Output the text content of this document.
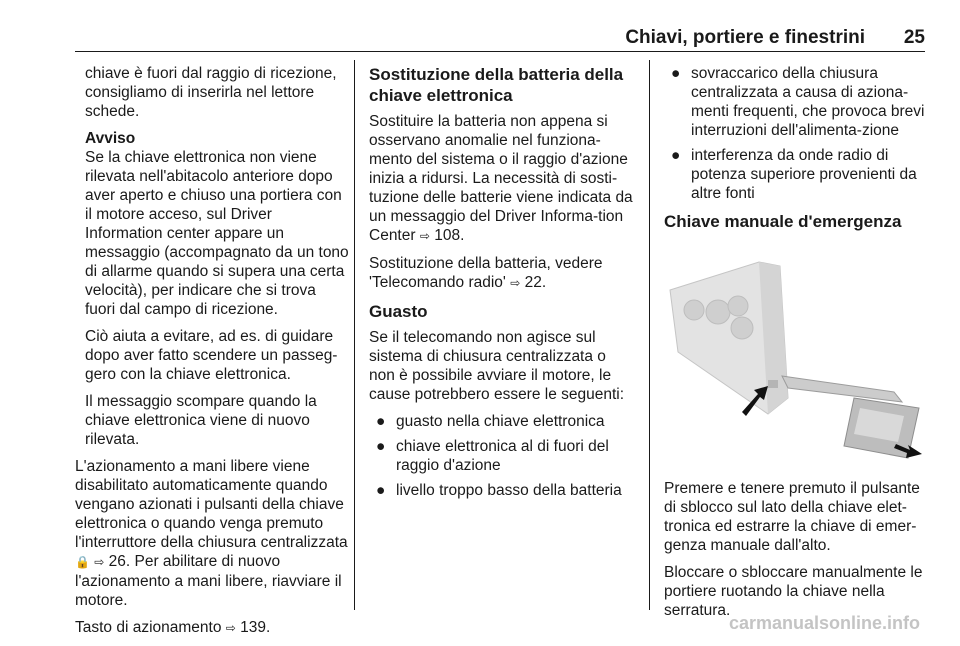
Chiavi, portiere e finestrini 25

chiave è fuori dal raggio di ricezione, consigliamo di inserirla nel lettore schede.

Avviso

Se la chiave elettronica non viene rilevata nell'abitacolo anteriore dopo aver aperto e chiuso una portiera con il motore acceso, sul Driver Information center appare un messaggio (accompagnato da un tono di allarme quando si supera una certa velocità), per indicare che si trova fuori dal campo di ricezione.

Ciò aiuta a evitare, ad es. di guidare dopo aver fatto scendere un passeg-gero con la chiave elettronica.

Il messaggio scompare quando la chiave elettronica viene di nuovo rilevata.

L'azionamento a mani libere viene disabilitato automaticamente quando vengano azionati i pulsanti della chiave elettronica o quando venga premuto l'interruttore della chiusura centralizzata 🔒 ⇨ 26. Per abilitare di nuovo l'azionamento a mani libere, riavviare il motore.

Tasto di azionamento ⇨ 139.

Sostituzione della batteria della chiave elettronica

Sostituire la batteria non appena si osservano anomalie nel funziona-mento del sistema o il raggio d'azione inizia a ridursi. La necessità di sosti-tuzione delle batterie viene indicata da un messaggio del Driver Informa-tion Center ⇨ 108.

Sostituzione della batteria, vedere 'Telecomando radio' ⇨ 22.

Guasto

Se il telecomando non agisce sul sistema di chiusura centralizzata o non è possibile avviare il motore, le cause potrebbero essere le seguenti:

● guasto nella chiave elettronica
● chiave elettronica al di fuori del raggio d'azione
● livello troppo basso della batteria
● sovraccarico della chiusura centralizzata a causa di aziona-menti frequenti, che provoca brevi interruzioni dell'alimenta-zione
● interferenza da onde radio di potenza superiore provenienti da altre fonti
Chiave manuale d'emergenza

Premere e tenere premuto il pulsante di sblocco sul lato della chiave elet-tronica ed estrarre la chiave di emer-genza manuale dall'alto.

Bloccare o sbloccare manualmente le portiere ruotando la chiave nella serratura.

carmanualsonline.info
